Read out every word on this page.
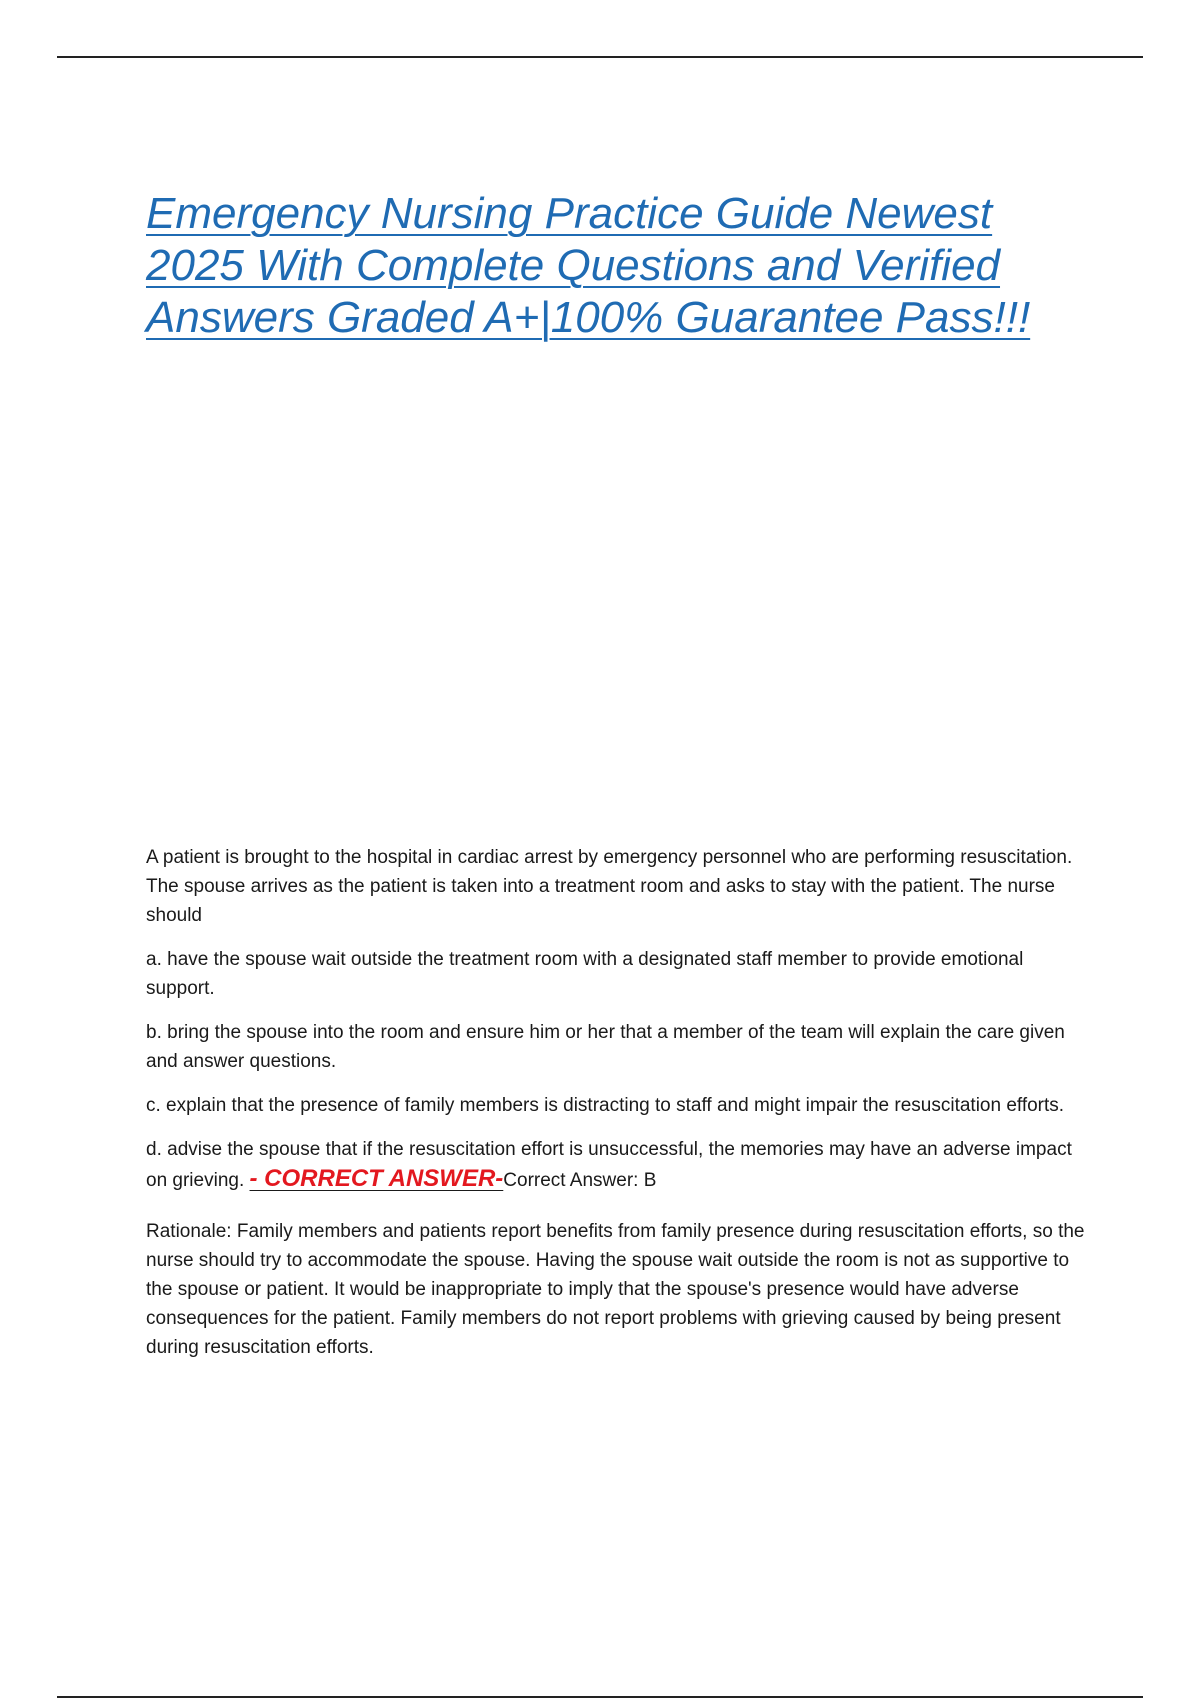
Emergency Nursing Practice Guide Newest 2025 With Complete Questions and Verified Answers Graded A+|100% Guarantee Pass!!!

A patient is brought to the hospital in cardiac arrest by emergency personnel who are performing resuscitation. The spouse arrives as the patient is taken into a treatment room and asks to stay with the patient. The nurse should

a. have the spouse wait outside the treatment room with a designated staff member to provide emotional support.

b. bring the spouse into the room and ensure him or her that a member of the team will explain the care given and answer questions.

c. explain that the presence of family members is distracting to staff and might impair the resuscitation efforts.

d. advise the spouse that if the resuscitation effort is unsuccessful, the memories may have an adverse impact on grieving. - CORRECT ANSWER-Correct Answer: B

Rationale: Family members and patients report benefits from family presence during resuscitation efforts, so the nurse should try to accommodate the spouse. Having the spouse wait outside the room is not as supportive to the spouse or patient. It would be inappropriate to imply that the spouse's presence would have adverse consequences for the patient. Family members do not report problems with grieving caused by being present during resuscitation efforts.
